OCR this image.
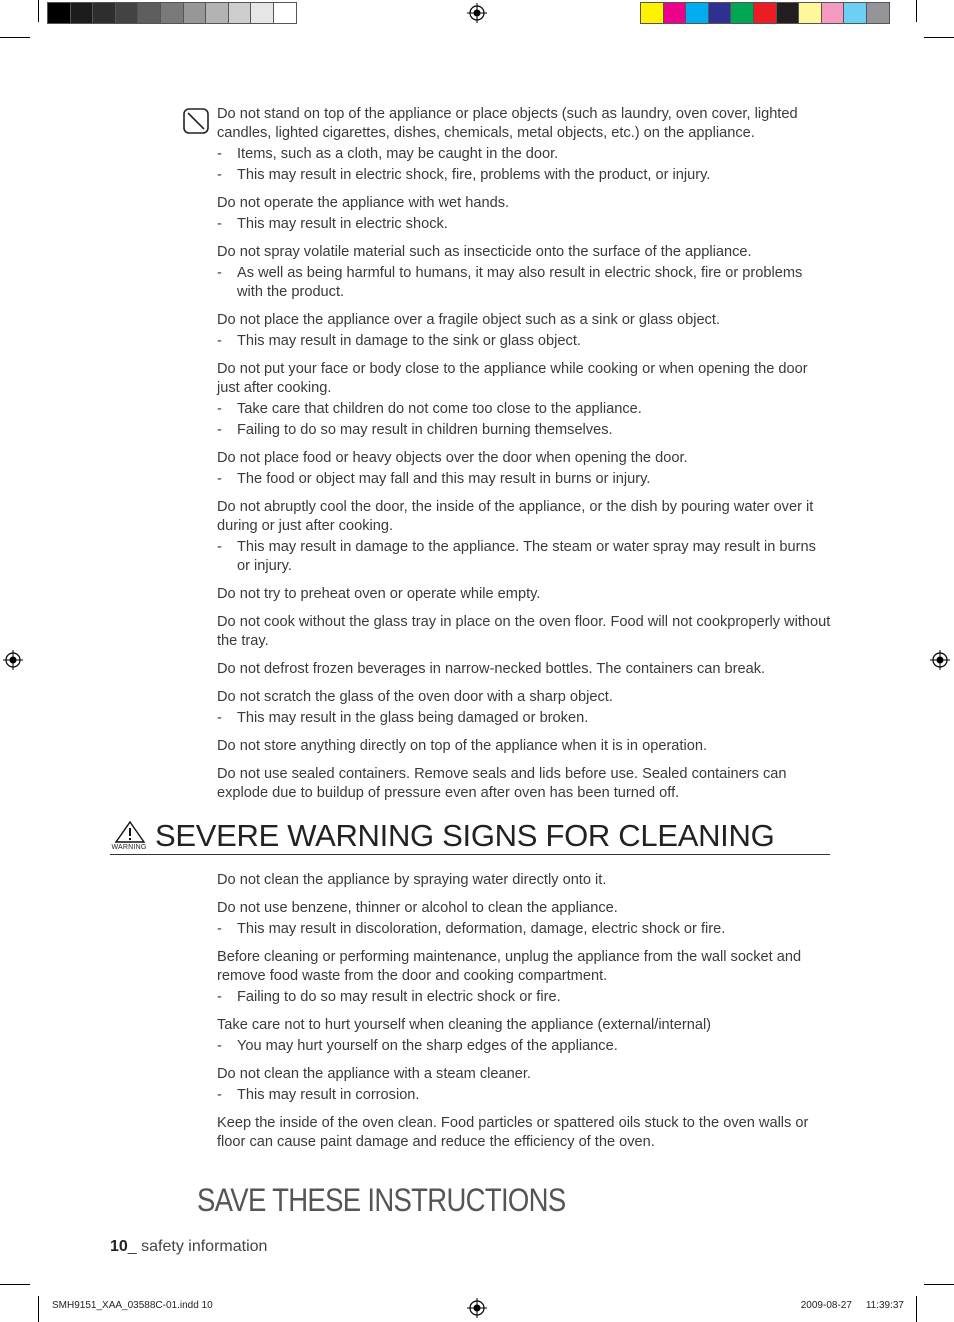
Do not stand on top of the appliance or place objects (such as laundry, oven cover, lighted candles, lighted cigarettes, dishes, chemicals, metal objects, etc.) on the appliance.

- Items, such as a cloth, may be caught in the door.

- This may result in electric shock, fire, problems with the product, or injury.

Do not operate the appliance with wet hands.

- This may result in electric shock.

Do not spray volatile material such as insecticide onto the surface of the appliance.

- As well as being harmful to humans, it may also result in electric shock, fire or problems with the product.

Do not place the appliance over a fragile object such as a sink or glass object.

- This may result in damage to the sink or glass object.

Do not put your face or body close to the appliance while cooking or when opening the door just after cooking.

- Take care that children do not come too close to the appliance.

- Failing to do so may result in children burning themselves.

Do not place food or heavy objects over the door when opening the door.

- The food or object may fall and this may result in burns or injury.

Do not abruptly cool the door, the inside of the appliance, or the dish by pouring water over it during or just after cooking.

- This may result in damage to the appliance. The steam or water spray may result in burns or injury.

Do not try to preheat oven or operate while empty.

Do not cook without the glass tray in place on the oven floor. Food will not cookproperly without the tray.

Do not defrost frozen beverages in narrow-necked bottles. The containers can break.

Do not scratch the glass of the oven door with a sharp object.

- This may result in the glass being damaged or broken.

Do not store anything directly on top of the appliance when it is in operation.

Do not use sealed containers. Remove seals and lids before use. Sealed containers can explode due to buildup of pressure even after oven has been turned off.

WARNING SEVERE WARNING SIGNS FOR CLEANING

Do not clean the appliance by spraying water directly onto it.

Do not use benzene, thinner or alcohol to clean the appliance.

- This may result in discoloration, deformation, damage, electric shock or fire.

Before cleaning or performing maintenance, unplug the appliance from the wall socket and remove food waste from the door and cooking compartment.

- Failing to do so may result in electric shock or fire.

Take care not to hurt yourself when cleaning the appliance (external/internal)

- You may hurt yourself on the sharp edges of the appliance.

Do not clean the appliance with a steam cleaner.

- This may result in corrosion.

Keep the inside of the oven clean. Food particles or spattered oils stuck to the oven walls or floor can cause paint damage and reduce the efficiency of the oven.

SAVE THESE INSTRUCTIONS
10_ safety information
SMH9151_XAA_03588C-01.indd 10	2009-08-27 11:39:37
